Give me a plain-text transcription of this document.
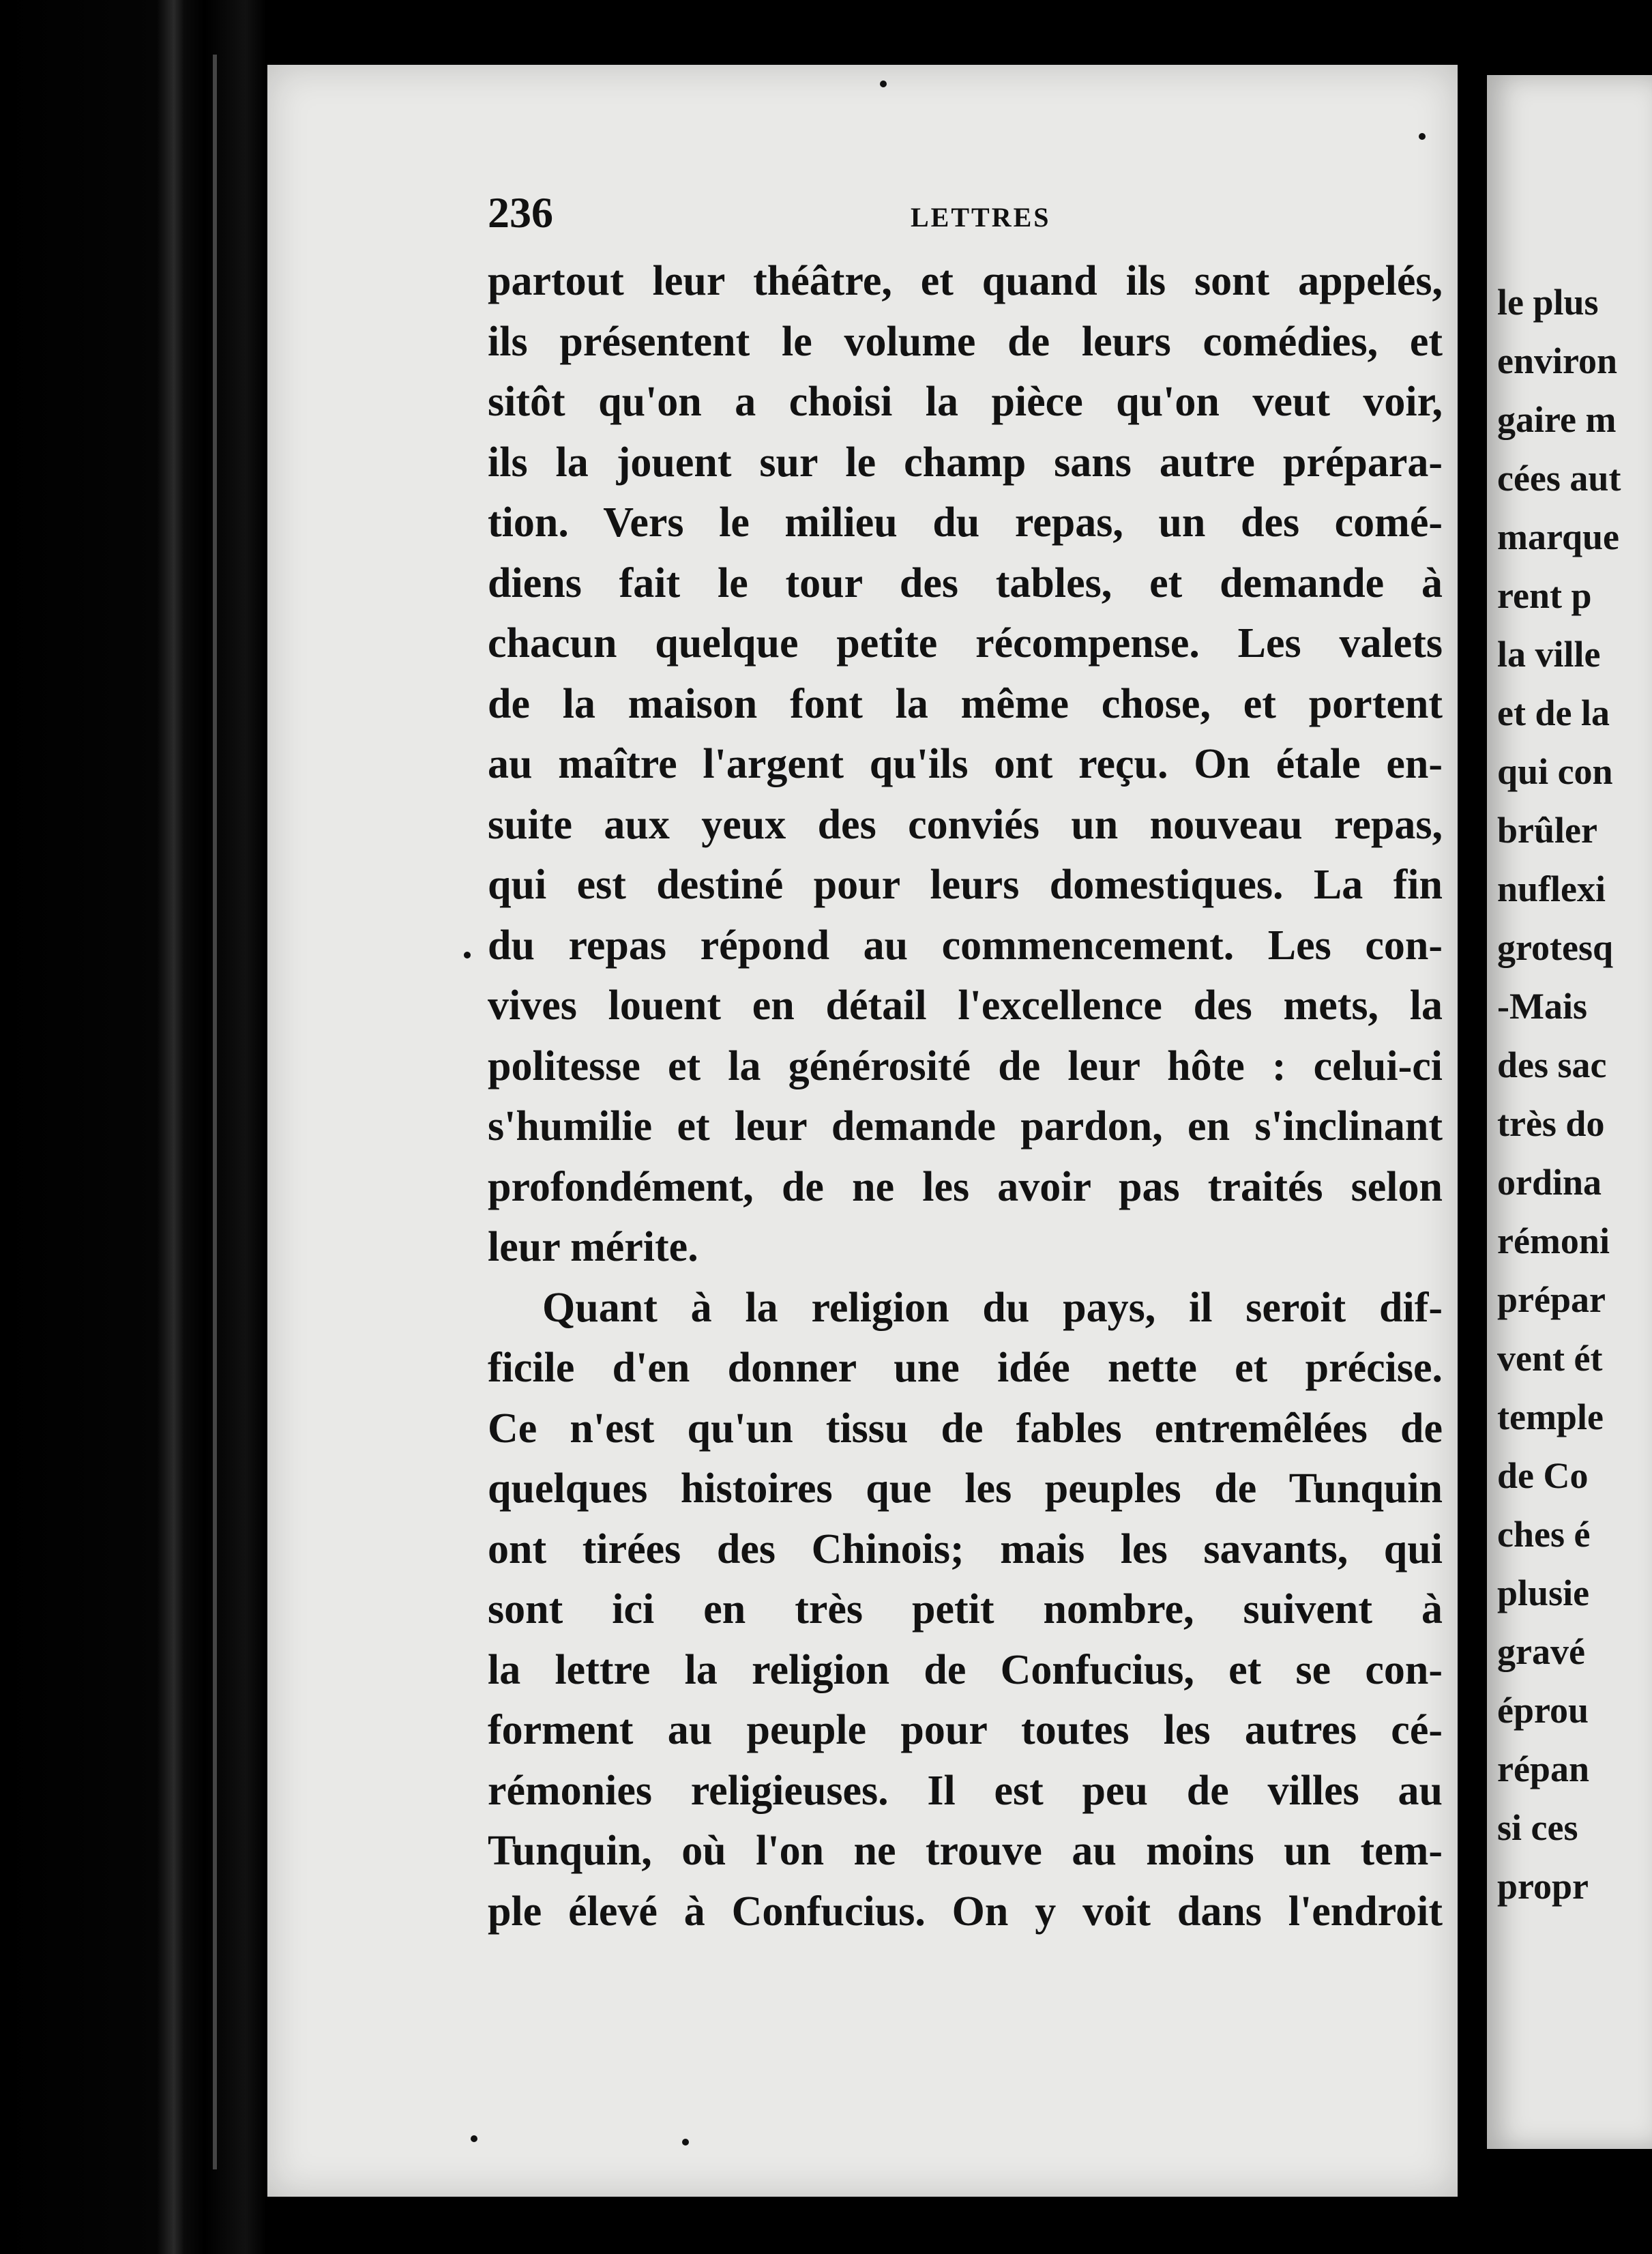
236	LETTRES
partout leur théâtre, et quand ils sont appelés,
ils présentent le volume de leurs comédies, et
sitôt qu'on a choisi la pièce qu'on veut voir,
ils la jouent sur le champ sans autre prépara-
tion. Vers le milieu du repas, un des comé-
diens fait le tour des tables, et demande à
chacun quelque petite récompense. Les valets
de la maison font la même chose, et portent
au maître l'argent qu'ils ont reçu. On étale en-
suite aux yeux des conviés un nouveau repas,
qui est destiné pour leurs domestiques. La fin
du repas répond au commencement. Les con-
vives louent en détail l'excellence des mets, la
politesse et la générosité de leur hôte : celui-ci
s'humilie et leur demande pardon, en s'inclinant
profondément, de ne les avoir pas traités selon
leur mérite.
Quant à la religion du pays, il seroit dif-
ficile d'en donner une idée nette et précise.
Ce n'est qu'un tissu de fables entremêlées de
quelques histoires que les peuples de Tunquin
ont tirées des Chinois; mais les savants, qui
sont ici en très petit nombre, suivent à
la lettre la religion de Confucius, et se con-
forment au peuple pour toutes les autres cé-
rémonies religieuses. Il est peu de villes au
Tunquin, où l'on ne trouve au moins un tem-
ple élevé à Confucius. On y voit dans l'endroit
le plus
environ
gaire m
cées aut
marque
rent p
la ville
et de la
qui con
brûler
nuflexi
grotesq
-Mais
des sac
très do
ordina
rémoni
prépar
vent ét
temple
de Co
ches é
plusie
gravé
éprou
répan
si ces
propr
